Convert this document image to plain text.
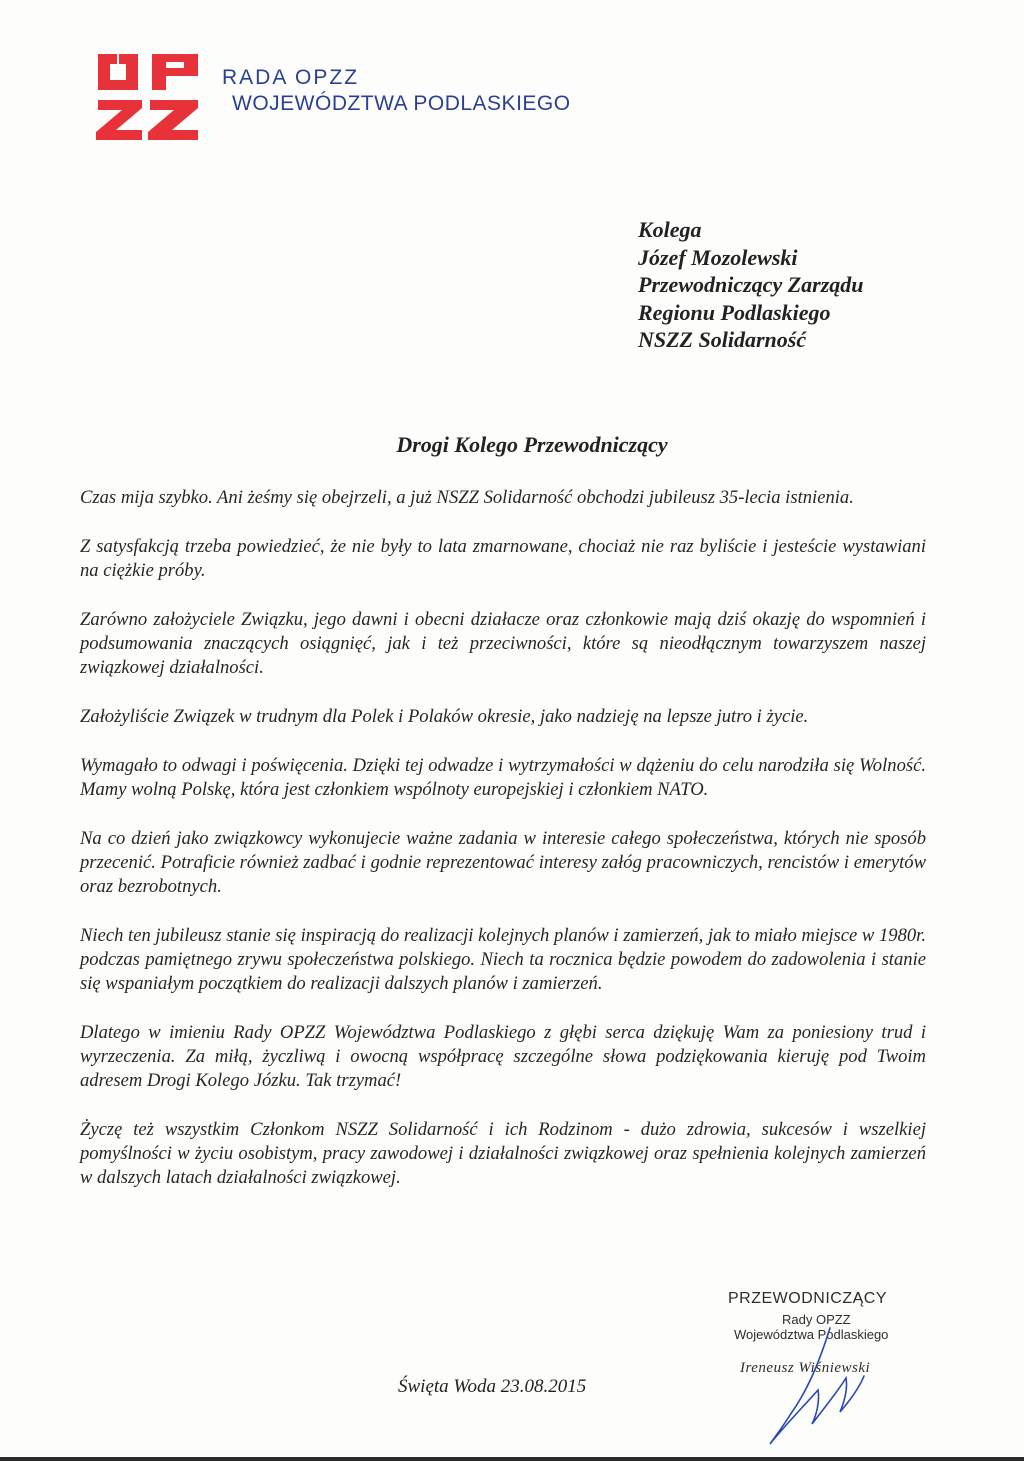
RADA OPZZ
WOJEWÓDZTWA PODLASKIEGO
Kolega
Józef Mozolewski
Przewodniczący Zarządu
Regionu Podlaskiego
NSZZ Solidarność
Drogi Kolego Przewodniczący

Czas mija szybko. Ani żeśmy się obejrzeli, a już NSZZ Solidarność obchodzi jubileusz 35-lecia istnienia.

Z satysfakcją trzeba powiedzieć, że nie były to lata zmarnowane, chociaż nie raz byliście i jesteście wystawiani na ciężkie próby.

Zarówno założyciele Związku, jego dawni i obecni działacze oraz członkowie mają dziś okazję do wspomnień i podsumowania znaczących osiągnięć, jak i też przeciwności, które są nieodłącznym towarzyszem naszej związkowej działalności.

Założyliście Związek w trudnym dla Polek i Polaków okresie, jako nadzieję na lepsze jutro i życie.

Wymagało to odwagi i poświęcenia. Dzięki tej odwadze i wytrzymałości w dążeniu do celu narodziła się Wolność. Mamy wolną Polskę, która jest członkiem wspólnoty europejskiej i członkiem NATO.

Na co dzień jako związkowcy wykonujecie ważne zadania w interesie całego społeczeństwa, których nie sposób przecenić. Potraficie również zadbać i godnie reprezentować interesy załóg pracowniczych, rencistów i emerytów oraz bezrobotnych.

Niech ten jubileusz stanie się inspiracją do realizacji kolejnych planów i zamierzeń, jak to miało miejsce w 1980r. podczas pamiętnego zrywu społeczeństwa polskiego. Niech ta rocznica będzie powodem do zadowolenia i stanie się wspaniałym początkiem do realizacji dalszych planów i zamierzeń.

Dlatego w imieniu Rady OPZZ Województwa Podlaskiego z głębi serca dziękuję Wam za poniesiony trud i wyrzeczenia. Za miłą, życzliwą i owocną współpracę szczególne słowa podziękowania kieruję pod Twoim adresem Drogi Kolego Józku. Tak trzymać!

Życzę też wszystkim Członkom NSZZ Solidarność i ich Rodzinom - dużo zdrowia, sukcesów i wszelkiej pomyślności w życiu osobistym, pracy zawodowej i działalności związkowej oraz spełnienia kolejnych zamierzeń w dalszych latach działalności związkowej.

Święta Woda 23.08.2015
PRZEWODNICZĄCY
Rady OPZZ
Województwa Podlaskiego
Ireneusz Wiśniewski
